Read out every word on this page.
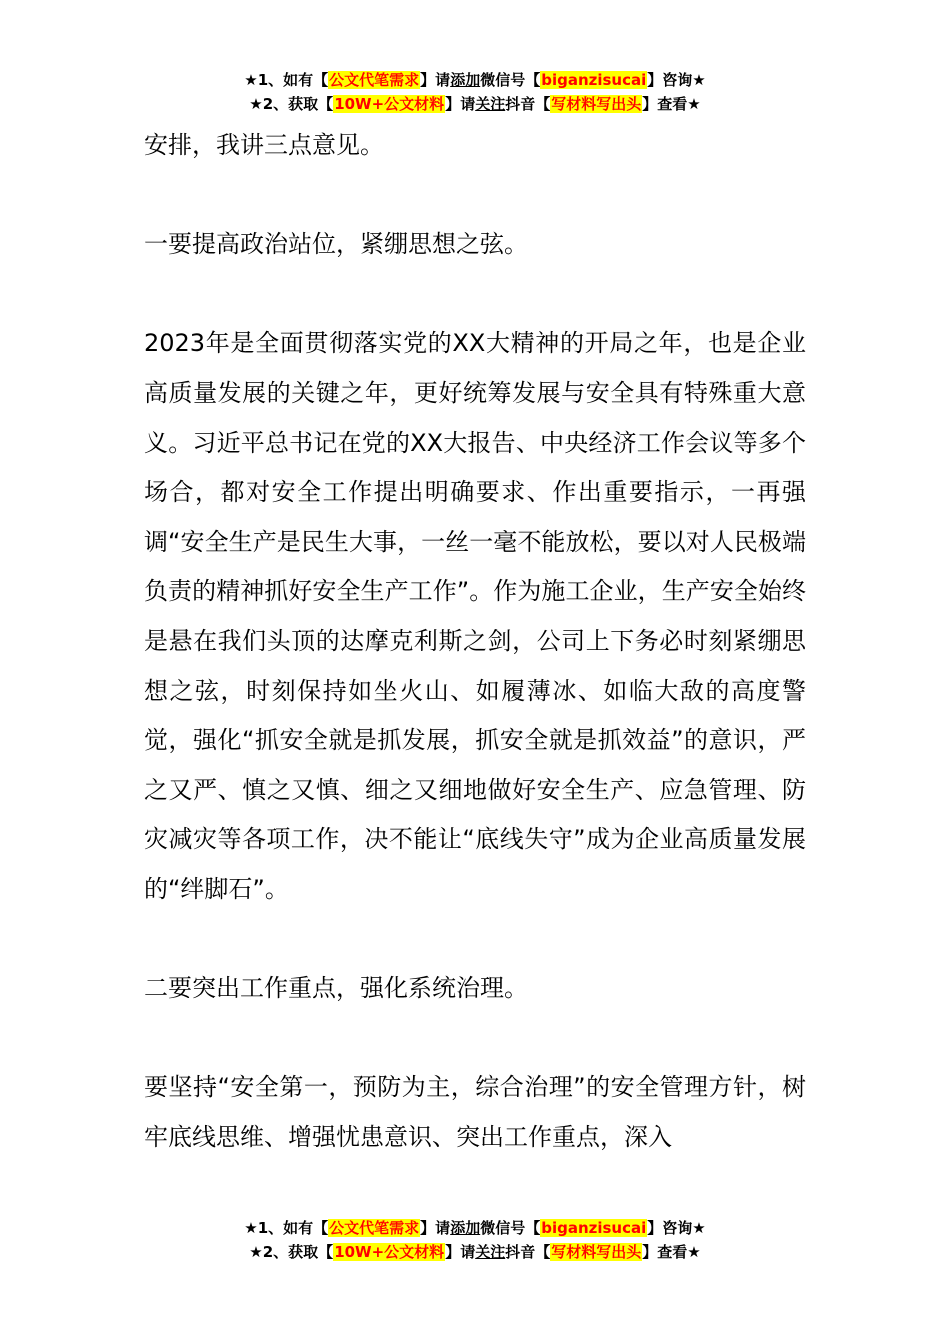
★1、如有【公文代笔需求】请添加微信号【biganzisucai】咨询★
★2、获取【10W+公文材料】请关注抖音【写材料写出头】查看★

安排，我讲三点意见。

一要提高政治站位，紧绷思想之弦。

2023年是全面贯彻落实党的XX大精神的开局之年，也是企业高质量发展的关键之年，更好统筹发展与安全具有特殊重大意义。习近平总书记在党的XX大报告、中央经济工作会议等多个场合，都对安全工作提出明确要求、作出重要指示，一再强调“安全生产是民生大事，一丝一毫不能放松，要以对人民极端负责的精神抓好安全生产工作”。作为施工企业，生产安全始终是悬在我们头顶的达摩克利斯之剑，公司上下务必时刻紧绷思想之弦，时刻保持如坐火山、如履薄冰、如临大敌的高度警觉，强化“抓安全就是抓发展，抓安全就是抓效益”的意识，严之又严、慎之又慎、细之又细地做好安全生产、应急管理、防灾减灾等各项工作，决不能让“底线失守”成为企业高质量发展的“绊脚石”。

二要突出工作重点，强化系统治理。

要坚持“安全第一，预防为主，综合治理”的安全管理方针，树牢底线思维、增强忧患意识、突出工作重点，深入

★1、如有【公文代笔需求】请添加微信号【biganzisucai】咨询★
★2、获取【10W+公文材料】请关注抖音【写材料写出头】查看★
